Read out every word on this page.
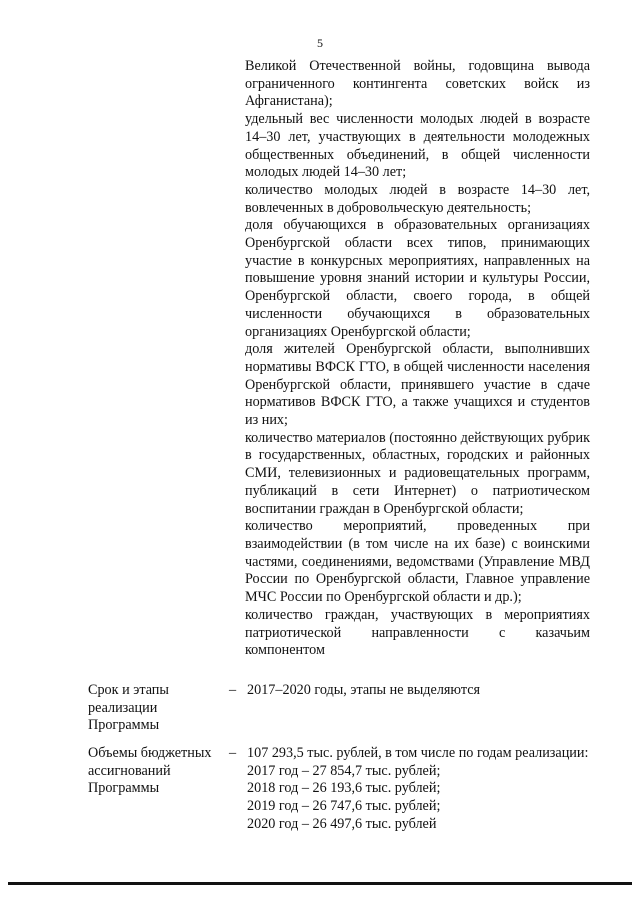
5

Великой Отечественной войны, годовщина вывода ограниченного контингента советских войск из Афганистана);

удельный вес численности молодых людей в возрасте 14–30 лет, участвующих в деятельности молодежных общественных объединений, в общей численности молодых людей 14–30 лет;

количество молодых людей в возрасте 14–30 лет, вовлеченных в добровольческую деятельность;

доля обучающихся в образовательных организациях Оренбургской области всех типов, принимающих участие в конкурсных мероприятиях, направленных на повышение уровня знаний истории и культуры России, Оренбургской области, своего города, в общей численности обучающихся в образовательных организациях Оренбургской области;

доля жителей Оренбургской области, выполнивших нормативы ВФСК ГТО, в общей численности населения Оренбургской области, принявшего участие в сдаче нормативов ВФСК ГТО, а также учащихся и студентов из них;

количество материалов (постоянно действующих рубрик в государственных, областных, городских и районных СМИ, телевизионных и радиовещательных программ, публикаций в сети Интернет) о патриотическом воспитании граждан в Оренбургской области;

количество мероприятий, проведенных при взаимодействии (в том числе на их базе) с воинскими частями, соединениями, ведомствами (Управление МВД России по Оренбургской области, Главное управление МЧС России по Оренбургской области и др.);

количество граждан, участвующих в мероприятиях патриотической направленности с казачьим компонентом

Срок и этапы реализации Программы
– 2017–2020 годы, этапы не выделяются
Объемы бюджетных ассигнований Программы
– 107 293,5 тыс. рублей, в том числе по годам реализации:

2017 год – 27 854,7 тыс. рублей;

2018 год – 26 193,6 тыс. рублей;

2019 год – 26 747,6 тыс. рублей;

2020 год – 26 497,6 тыс. рублей
